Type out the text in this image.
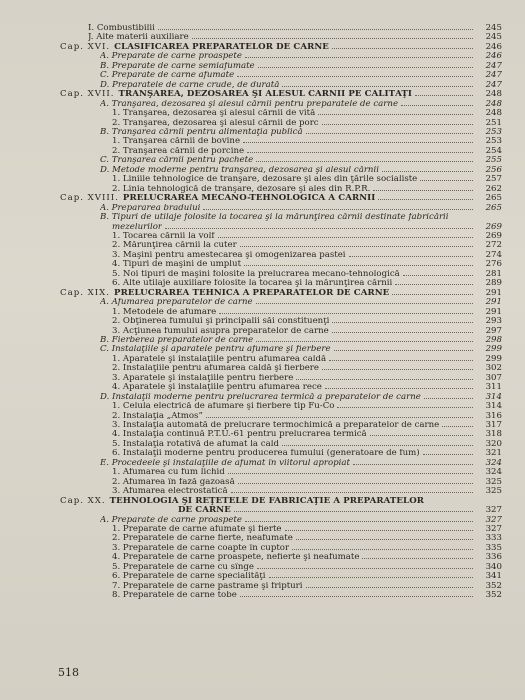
I. Combustibilii	245
J. Alte materii auxiliare	245
Cap. XVI. CLASIFICAREA PREPARATELOR DE CARNE	246
A. Preparate de carne proaspete	246
B. Preparate de carne semiafumate	247
C. Preparate de carne afumate	247
D. Preparatele de carne crude, de durată	247
Cap. XVII. TRANŞAREA, DEZOSAREA ŞI ALESUL CĂRNII PE CALITĂŢI	248
A. Tranşarea, dezosarea şi alesul cărnii pentru preparatele de carne	248
1. Tranşarea, dezosarea şi alesul cărnii de vită	248
2. Tranşarea, dezosarea şi alesul cărnii de porc	251
B. Tranşarea cărnii pentru alimentaţia publică	253
1. Tranşarea cărnii de bovine	253
2. Tranşarea cărnii de porcine	254
C. Tranşarea cărnii pentru pachete	255
D. Metode moderne pentru tranşarea, dezosarea şi alesul cărnii	256
1. Liniile tehnologice de tranşare, dezosare şi ales din ţările socialiste	257
2. Linia tehnologică de tranşare, dezosare şi ales din R.P.R.	262
Cap. XVIII. PRELUCRAREA MECANO-TEHNOLOGICĂ A CĂRNII	265
A. Prepararea bradului	265
B. Tipuri de utilaje folosite la tocarea şi la mărunţirea cărnii destinate fabricării
mezelurilor	269
1. Tocarea cărnii la volf	269
2. Mărunţirea cărnii la cuter	272
3. Maşini pentru amestecarea şi omogenizarea pastei	274
4. Tipuri de maşini de umplut	276
5. Noi tipuri de maşini folosite la prelucrarea mecano-tehnologică	281
6. Alte utilaje auxiliare folosite la tocarea şi la mărunţirea cărnii	289
Cap. XIX. PRELUCRAREA TEHNICĂ A PREPARATELOR DE CARNE	291
A. Afumarea preparatelor de carne	291
1. Metodele de afumare	291
2. Obţinerea fumului şi principalii săi constituenţi	293
3. Acţiunea fumului asupra preparatelor de carne	297
B. Fierberea preparatelor de carne	298
C. Instalaţiile şi aparatele pentru afumare şi fierbere	299
1. Aparatele şi instalaţiile pentru afumarea caldă	299
2. Instalaţiile pentru afumarea caldă şi fierbere	302
3. Aparatele şi instalaţiile pentru fierbere	307
4. Aparatele şi instalaţiile pentru afumarea rece	311
D. Instalaţii moderne pentru prelucrarea termică a preparatelor de carne	314
1. Celula electrică de afumare şi fierbere tip Fu-Co	314
2. Instalaţia „Atmos”	316
3. Instalaţia automată de prelucrare termochimică a preparatelor de carne	317
4. Instalaţia continuă P.T.U.-61 pentru prelucrarea termică	318
5. Instalaţia rotativă de afumat la cald	320
6. Instalaţii moderne pentru producerea fumului (generatoare de fum)	321
E. Procedeele şi instalaţiile de afumat în viitorul apropiat	324
1. Afumarea cu fum lichid	324
2. Afumarea în fază gazoasă	325
3. Afumarea electrostatică	325
Cap. XX. TEHNOLOGIA ŞI REŢETELE DE FABRICAŢIE A PREPARATELOR
DE CARNE	327
A. Preparate de carne proaspete	327
1. Preparate de carne afumate şi fierte	327
2. Preparatele de carne fierte, neafumate	333
3. Preparatele de carne coapte în cuptor	335
4. Preparatele de carne proaspete, nefierte şi neafumate	336
5. Preparatele de carne cu sînge	340
6. Preparatele de carne specialităţi	341
7. Preparatele de carne pastrame şi fripturi	352
8. Preparatele de carne tobe	352
518
